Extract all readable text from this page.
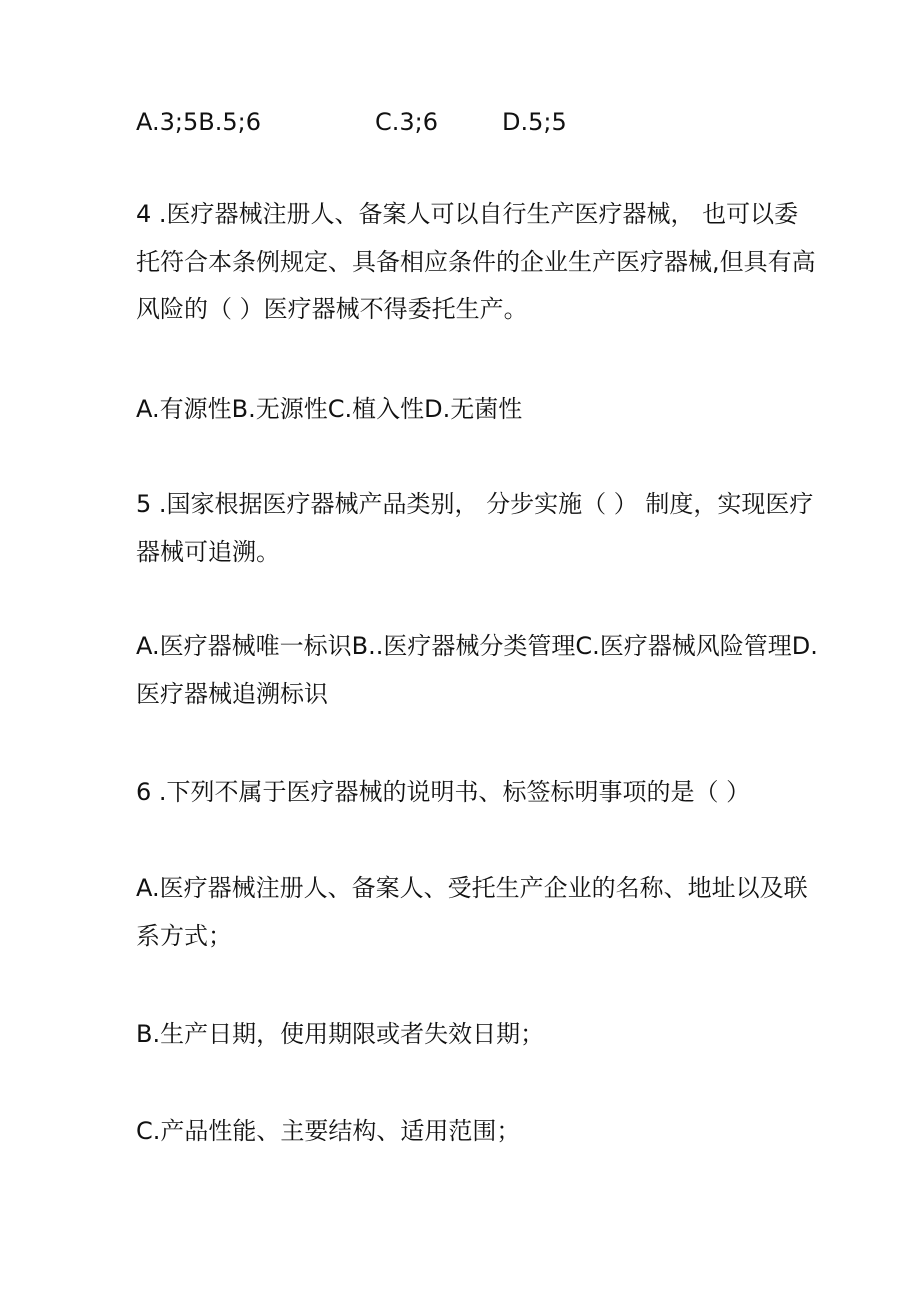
A.3;5B.5;6	C.3;6	D.5;5

4 .医疗器械注册人、备案人可以自行生产医疗器械， 也可以委

托符合本条例规定、具备相应条件的企业生产医疗器械,但具有高

风险的（ ）医疗器械不得委托生产。

A.有源性B.无源性C.植入性D.无菌性

5 .国家根据医疗器械产品类别， 分步实施（ ） 制度，实现医疗

器械可追溯。

A.医疗器械唯一标识B..医疗器械分类管理C.医疗器械风险管理D.

医疗器械追溯标识

6 .下列不属于医疗器械的说明书、标签标明事项的是（ ）

A.医疗器械注册人、备案人、受托生产企业的名称、地址以及联

系方式；

B.生产日期，使用期限或者失效日期；

C.产品性能、主要结构、适用范围；
